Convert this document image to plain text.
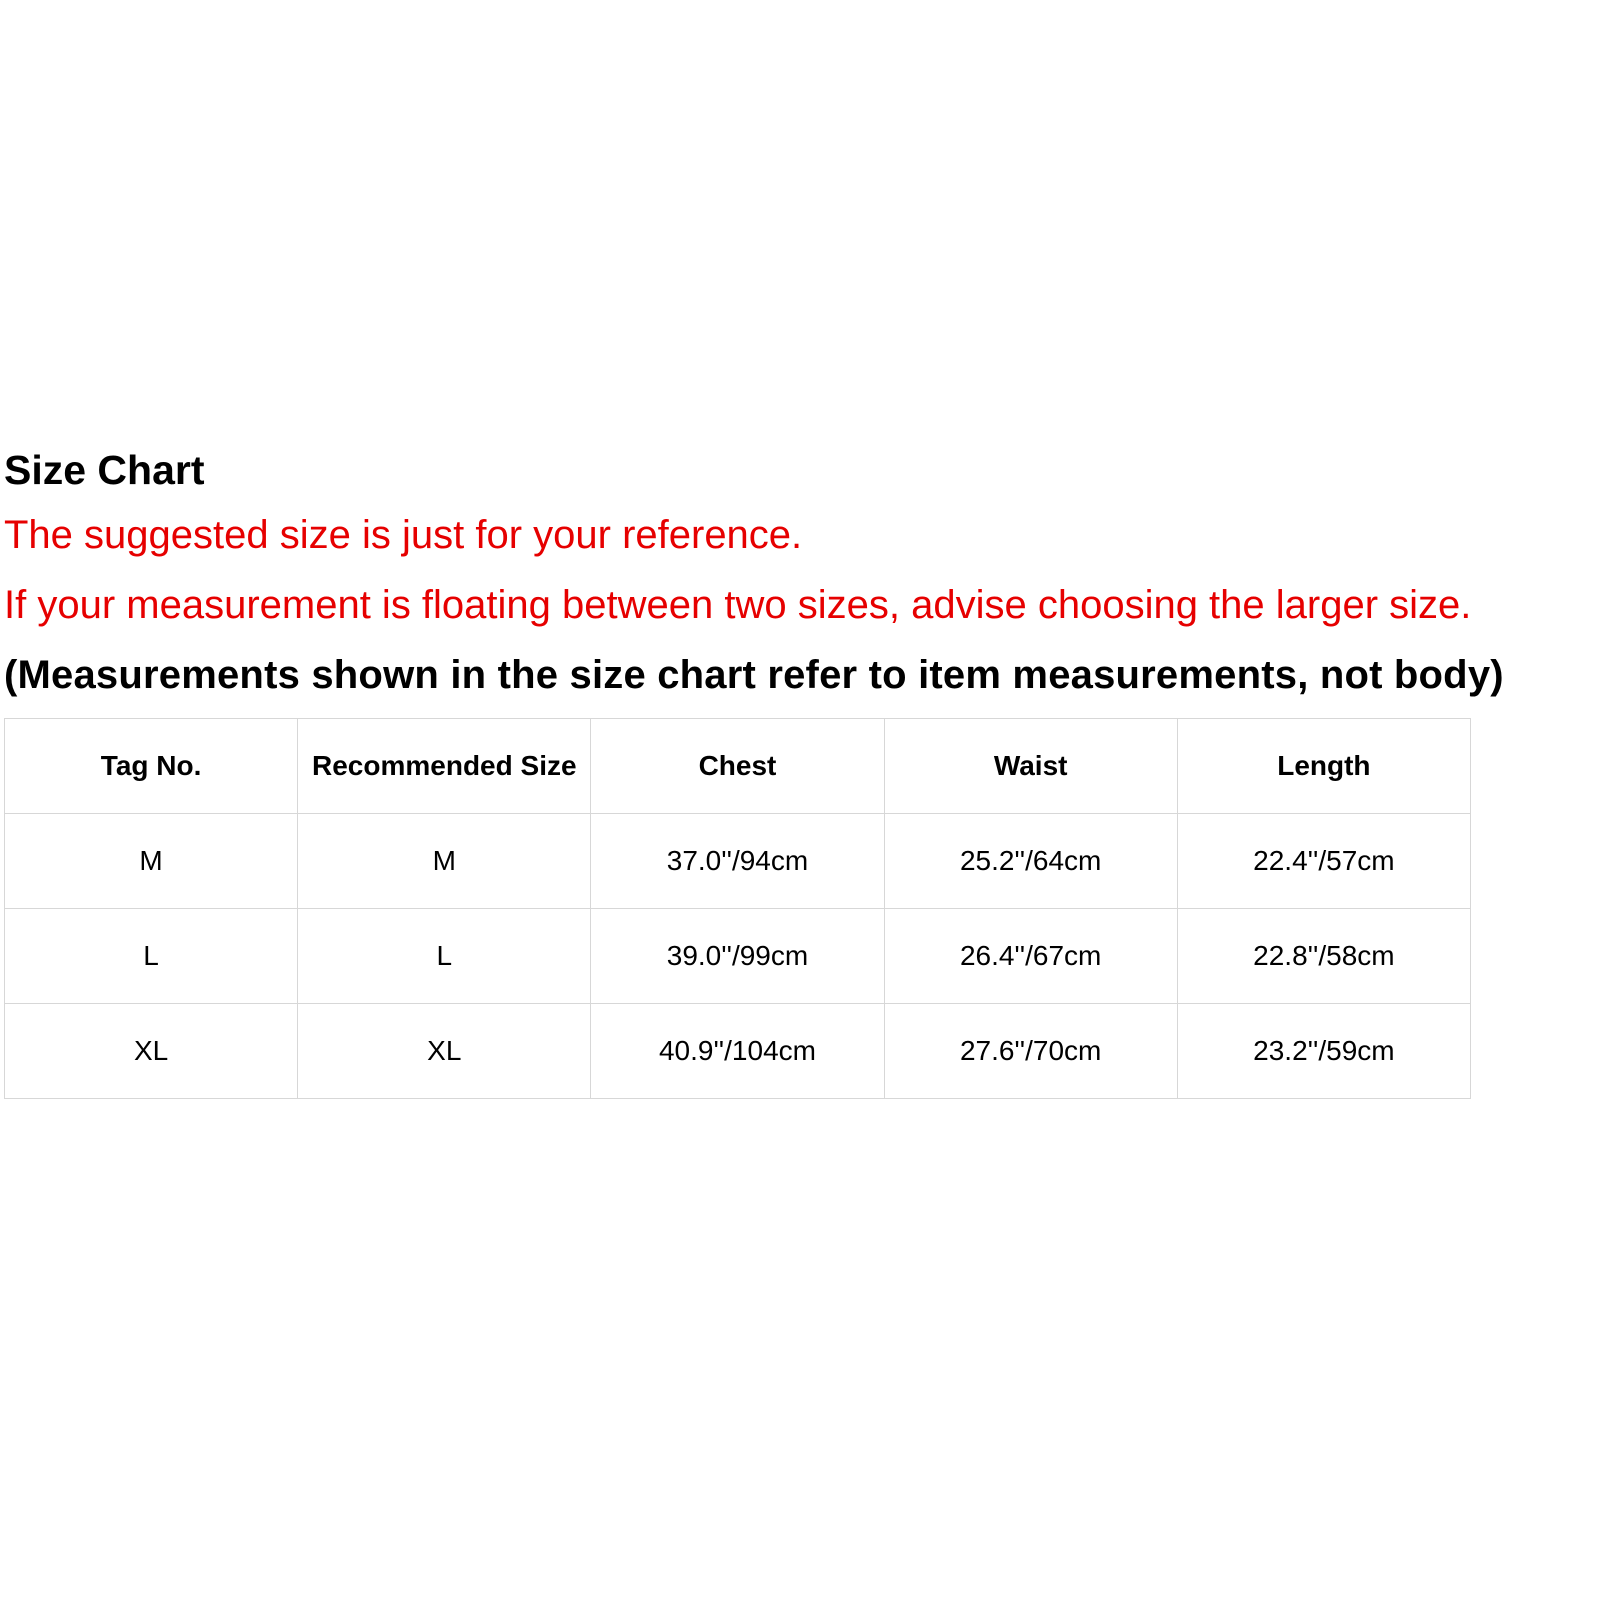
Size Chart

The suggested size is just for your reference.

If your measurement is floating between two sizes, advise choosing the larger size.

(Measurements shown in the size chart refer to item measurements, not body)

Tag No.	Recommended Size	Chest	Waist	Length
M	M	37.0''/94cm	25.2''/64cm	22.4''/57cm
L	L	39.0''/99cm	26.4''/67cm	22.8''/58cm
XL	XL	40.9''/104cm	27.6''/70cm	23.2''/59cm
